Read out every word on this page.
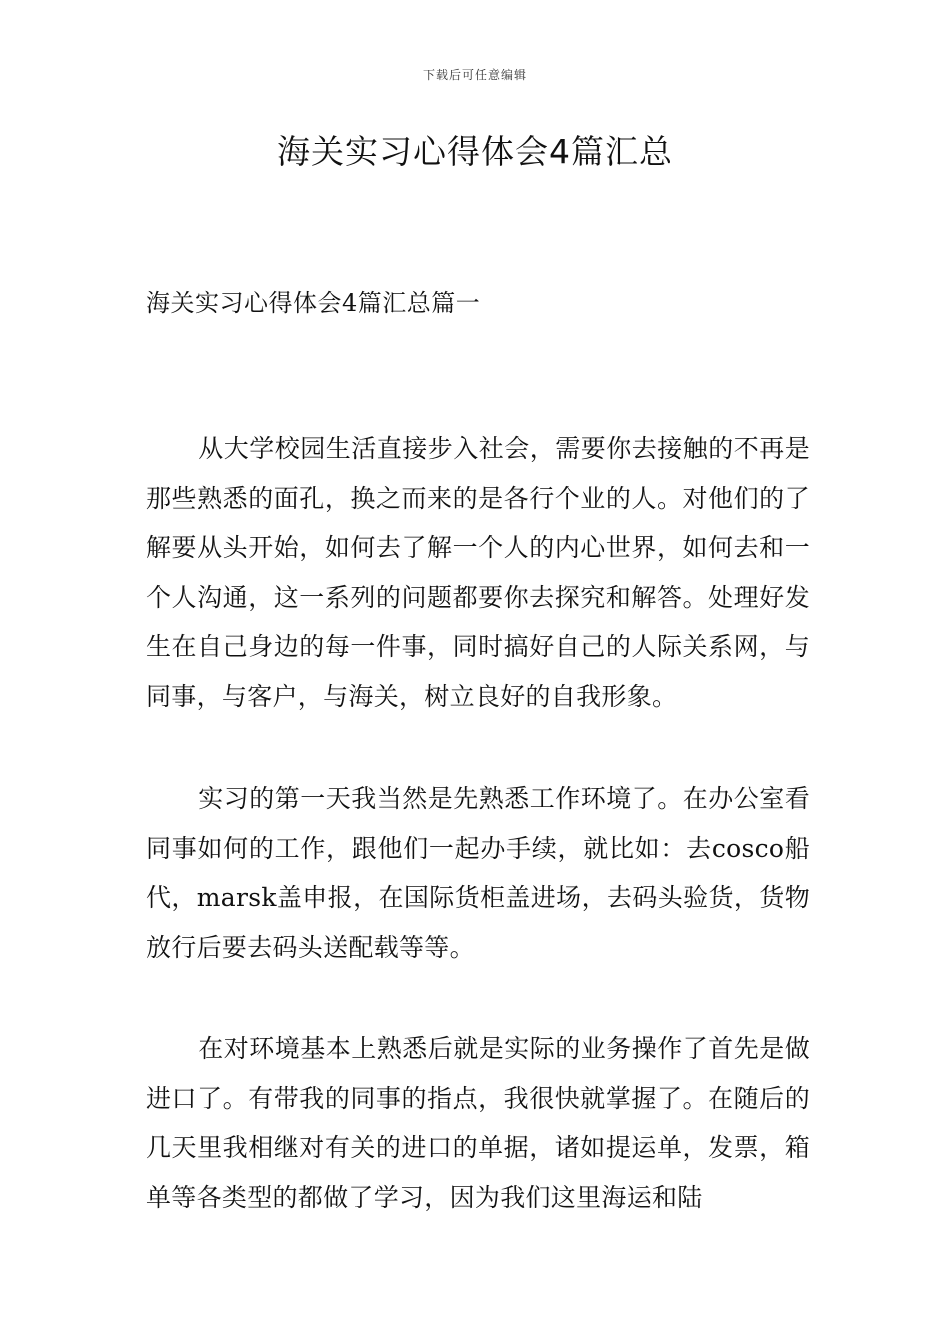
下载后可任意编辑
海关实习心得体会4篇汇总
海关实习心得体会4篇汇总篇一

从大学校园生活直接步入社会，需要你去接触的不再是那些熟悉的面孔，换之而来的是各行个业的人。对他们的了解要从头开始，如何去了解一个人的内心世界，如何去和一个人沟通，这一系列的问题都要你去探究和解答。处理好发生在自己身边的每一件事，同时搞好自己的人际关系网，与同事，与客户，与海关，树立良好的自我形象。

实习的第一天我当然是先熟悉工作环境了。在办公室看同事如何的工作，跟他们一起办手续，就比如：去cosco船代，marsk盖申报，在国际货柜盖进场，去码头验货，货物放行后要去码头送配载等等。

在对环境基本上熟悉后就是实际的业务操作了首先是做进口了。有带我的同事的指点，我很快就掌握了。在随后的几天里我相继对有关的进口的单据，诸如提运单，发票，箱单等各类型的都做了学习，因为我们这里海运和陆
